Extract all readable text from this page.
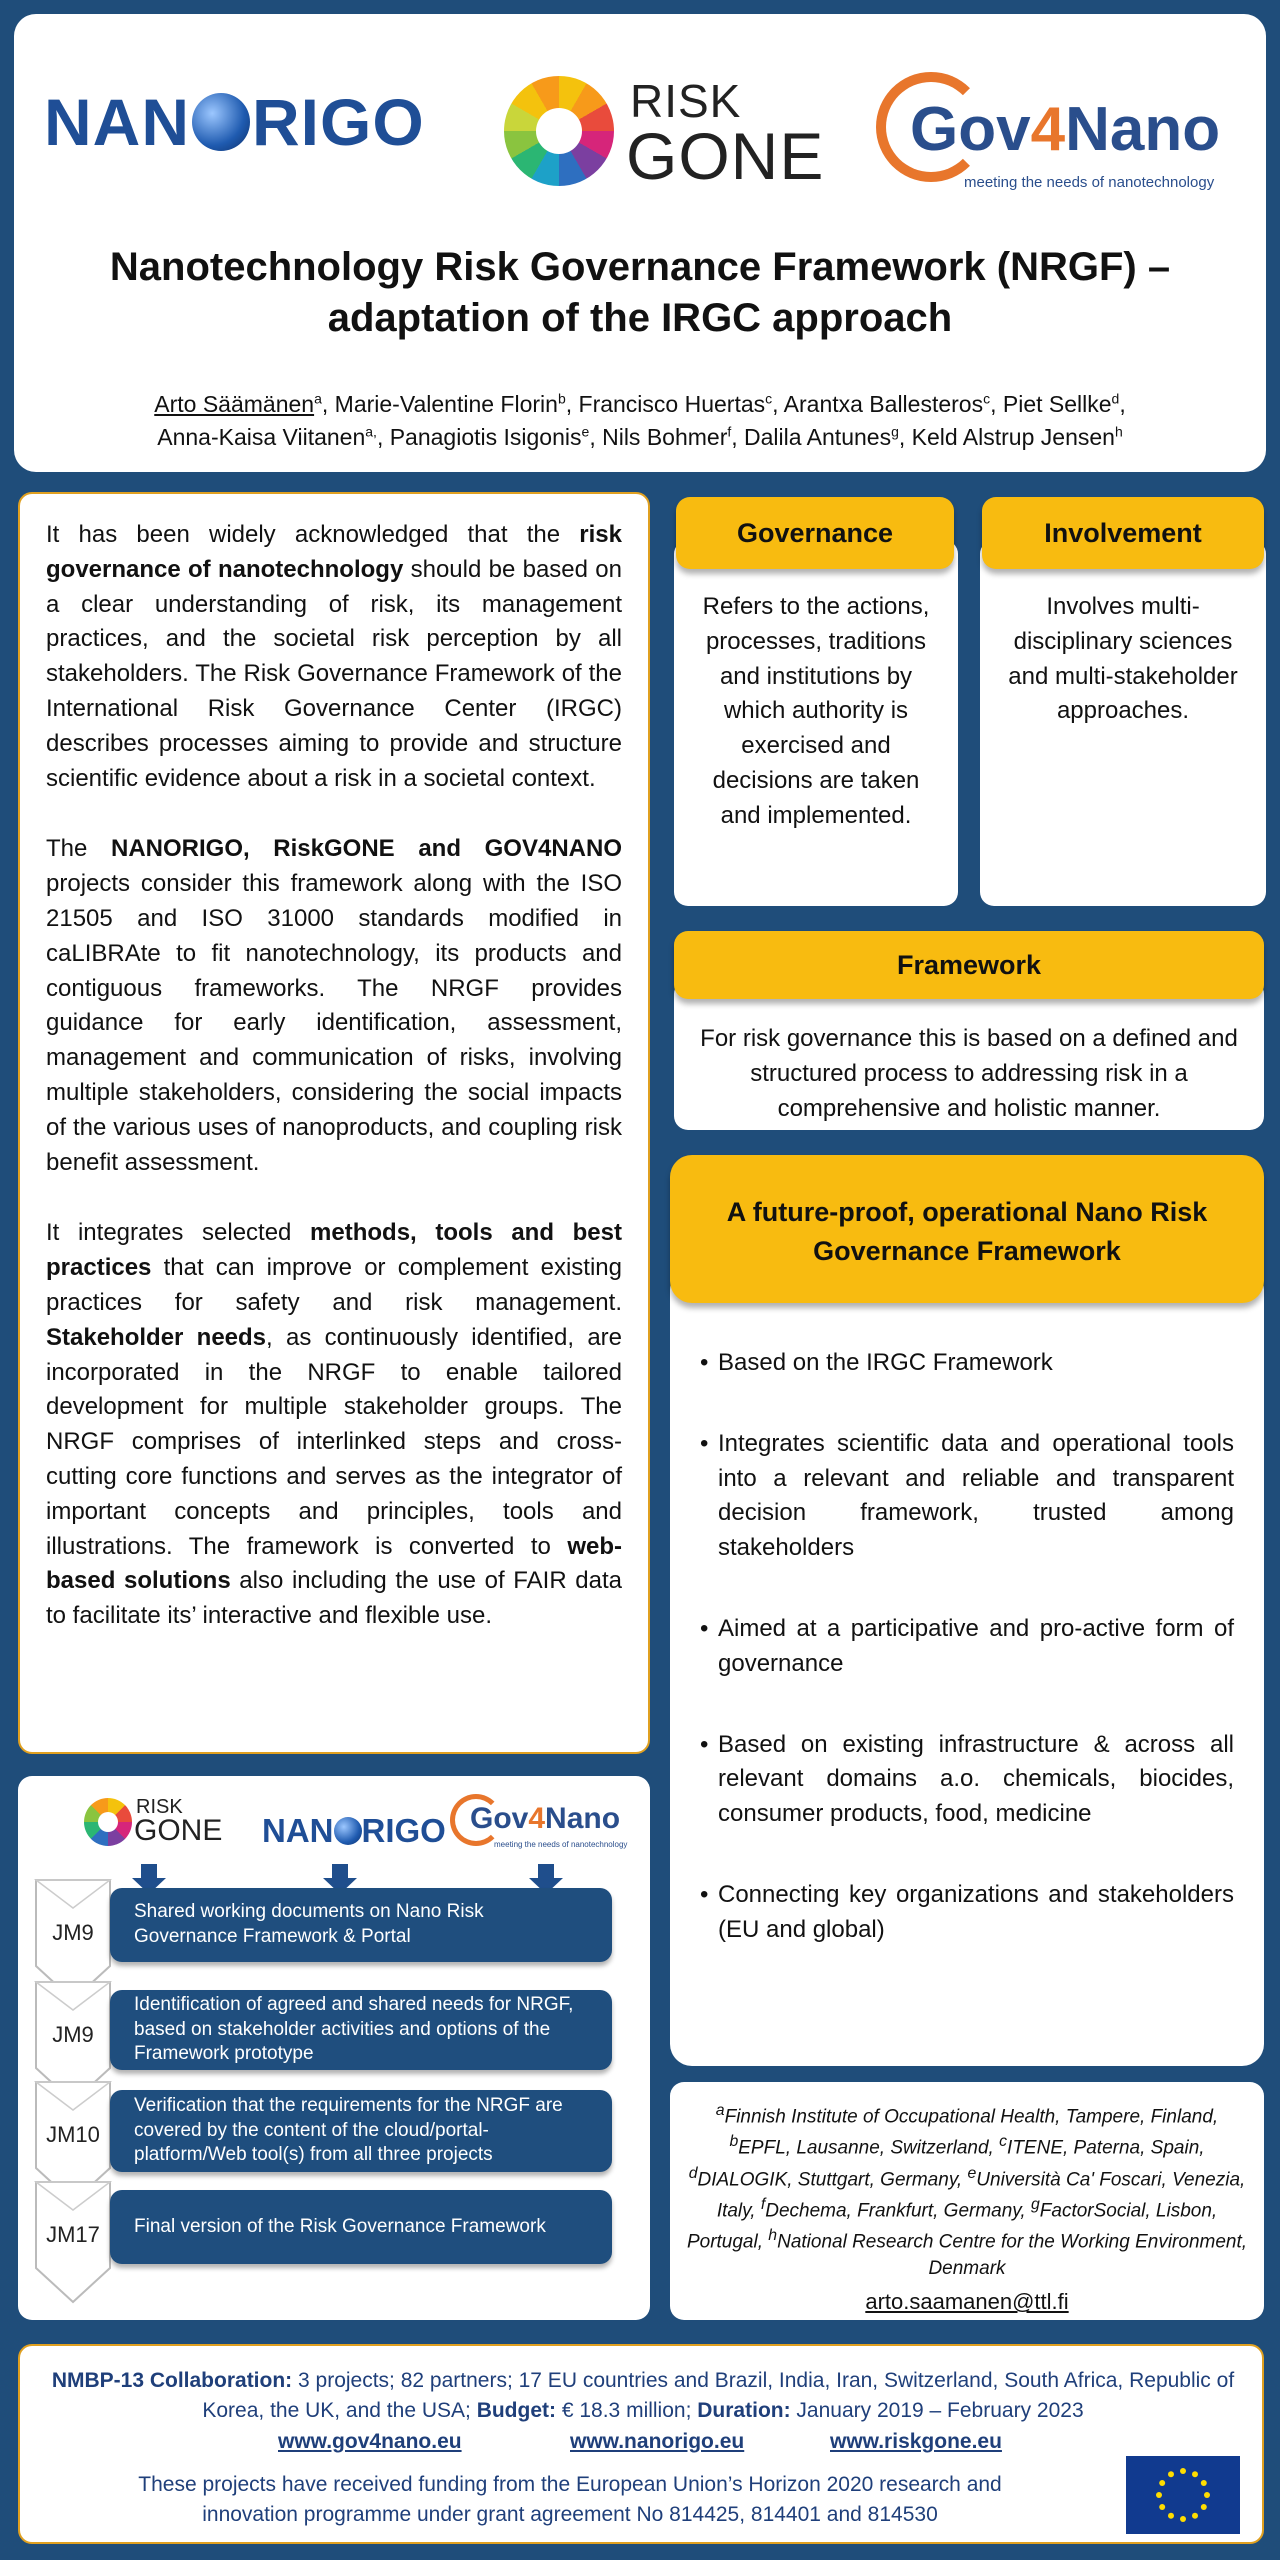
NAN RIGO	RISK
GONE Gov4Nano
meeting the needs of nanotechnology
Nanotechnology Risk Governance Framework (NRGF) –
adaptation of the IRGC approach
Arto Säämänen$^a$, Marie-Valentine Florin$^b$, Francisco Huertas$^c$, Arantxa Ballesteros$^c$, Piet Sellke$^d$,
Anna-Kaisa Viitanen$^{a,}$, Panagiotis Isigonis$^e$, Nils Bohmer$^f$, Dalila Antunes$^g$, Keld Alstrup Jensen$^h$

It has been widely acknowledged that the risk governance of nanotechnology should be based on a clear understanding of risk, its management practices, and the societal risk perception by all stakeholders. The Risk Governance Framework of the International Risk Governance Center (IRGC) describes processes aiming to provide and structure scientific evidence about a risk in a societal context.

The NANORIGO, RiskGONE and GOV4NANO projects consider this framework along with the ISO 21505 and ISO 31000 standards modified in caLIBRAte to fit nanotechnology, its products and contiguous frameworks. The NRGF provides guidance for early identification, assessment, management and communication of risks, involving multiple stakeholders, considering the social impacts of the various uses of nanoproducts, and coupling risk benefit assessment.

It integrates selected methods, tools and best practices that can improve or complement existing practices for safety and risk management. Stakeholder needs, as continuously identified, are incorporated in the NRGF to enable tailored development for multiple stakeholder groups. The NRGF comprises of interlinked steps and cross-cutting core functions and serves as the integrator of important concepts and principles, tools and illustrations. The framework is converted to web-based solutions also including the use of FAIR data to facilitate its’ interactive and flexible use.

Refers to the actions, processes, traditions and institutions by which authority is exercised and decisions are taken and implemented.
Governance
Involves multi-disciplinary sciences and multi-stakeholder approaches.
Involvement
For risk governance this is based on a defined and structured process to addressing risk in a comprehensive and holistic manner.
Framework
• Based on the IRGC Framework
• Integrates scientific data and operational tools into a relevant and reliable and transparent decision framework, trusted among stakeholders
• Aimed at a participative and pro-active form of governance
• Based on existing infrastructure & across all relevant domains a.o. chemicals, biocides, consumer products, food, medicine
• Connecting key organizations and stakeholders (EU and global)
A future-proof, operational Nano Risk Governance Framework
RISK
GONE NAN RIGO Gov4Nano
meeting the needs of nanotechnology
JM9
Shared working documents on Nano Risk Governance Framework & Portal
JM9
Identification of agreed and shared needs for NRGF, based on stakeholder activities and options of the Framework prototype
JM10
Verification that the requirements for the NRGF are covered by the content of the cloud/portal-platform/Web tool(s) from all three projects
JM17	Final version of the Risk Governance Framework
$^a$Finnish Institute of Occupational Health, Tampere, Finland, $^b$EPFL, Lausanne, Switzerland, $^c$ITENE, Paterna, Spain, $^d$DIALOGIK, Stuttgart, Germany, $^e$Università Ca' Foscari, Venezia, Italy, $^f$Dechema, Frankfurt, Germany, $^g$FactorSocial, Lisbon, Portugal, $^h$National Research Centre for the Working Environment, Denmark
arto.saamanen@ttl.fi
NMBP-13 Collaboration: 3 projects; 82 partners; 17 EU countries and Brazil, India, Iran, Switzerland, South Africa, Republic of Korea, the UK, and the USA; Budget: € 18.3 million; Duration: January 2019 – February 2023
www.gov4nano.eu	www.nanorigo.eu	www.riskgone.eu
These projects have received funding from the European Union’s Horizon 2020 research and innovation programme under grant agreement No 814425, 814401 and 814530
